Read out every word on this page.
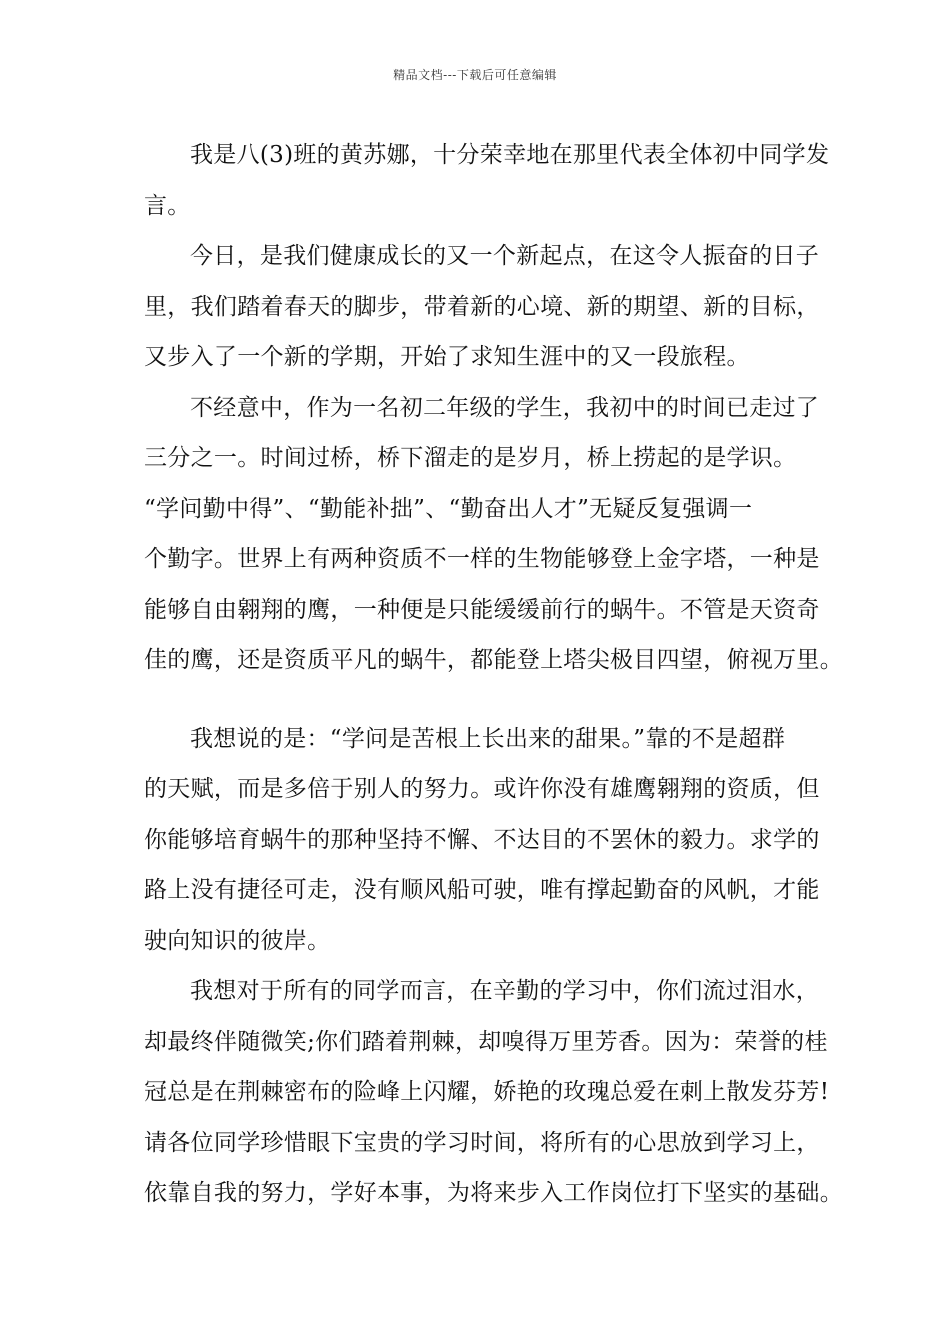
精品文档---下载后可任意编辑
我是八(3)班的黄苏娜，十分荣幸地在那里代表全体初中同学发
言。
今日，是我们健康成长的又一个新起点，在这令人振奋的日子
里，我们踏着春天的脚步，带着新的心境、新的期望、新的目标，
又步入了一个新的学期，开始了求知生涯中的又一段旅程。
不经意中，作为一名初二年级的学生，我初中的时间已走过了
三分之一。时间过桥，桥下溜走的是岁月，桥上捞起的是学识。
“学问勤中得”、“勤能补拙”、“勤奋出人才”无疑反复强调一
个勤字。世界上有两种资质不一样的生物能够登上金字塔，一种是
能够自由翱翔的鹰，一种便是只能缓缓前行的蜗牛。不管是天资奇
佳的鹰，还是资质平凡的蜗牛，都能登上塔尖极目四望，俯视万里。
我想说的是：“学问是苦根上长出来的甜果。”靠的不是超群
的天赋，而是多倍于别人的努力。或许你没有雄鹰翱翔的资质，但
你能够培育蜗牛的那种坚持不懈、不达目的不罢休的毅力。求学的
路上没有捷径可走，没有顺风船可驶，唯有撑起勤奋的风帆，才能
驶向知识的彼岸。
我想对于所有的同学而言，在辛勤的学习中，你们流过泪水，
却最终伴随微笑;你们踏着荆棘，却嗅得万里芳香。因为：荣誉的桂
冠总是在荆棘密布的险峰上闪耀，娇艳的玫瑰总爱在刺上散发芬芳!
请各位同学珍惜眼下宝贵的学习时间，将所有的心思放到学习上，
依靠自我的努力，学好本事，为将来步入工作岗位打下坚实的基础。
